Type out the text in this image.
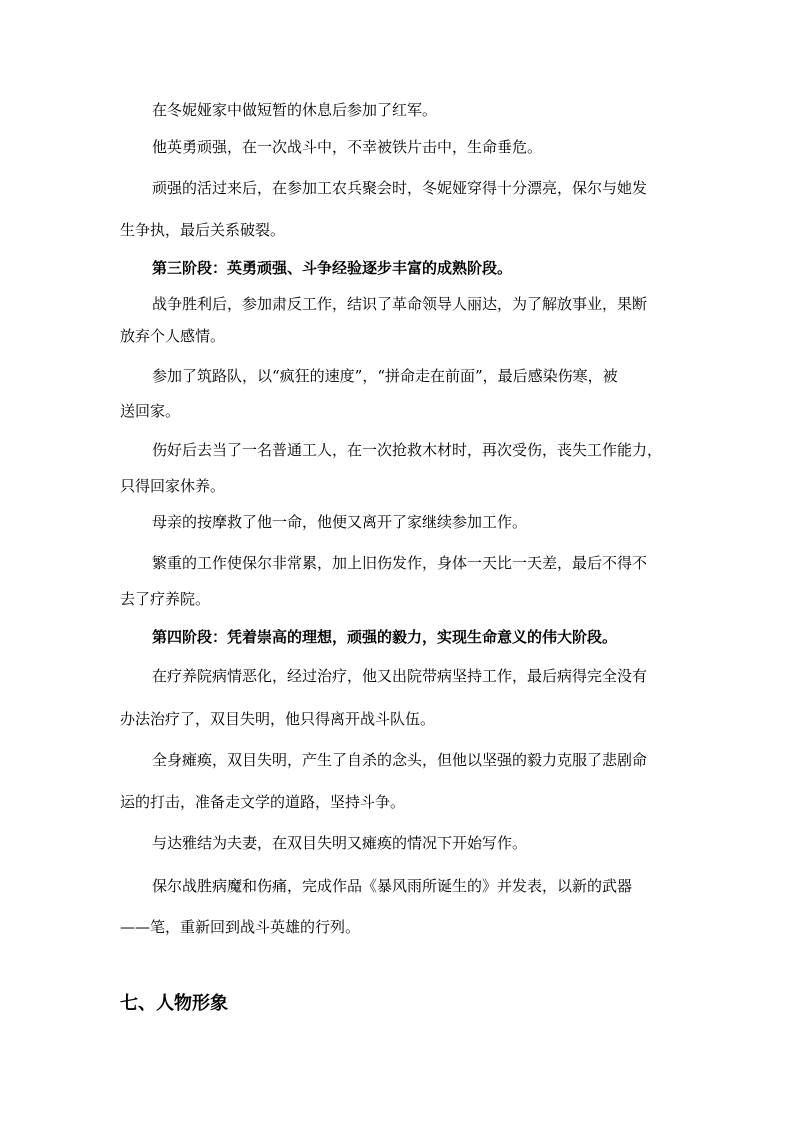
在冬妮娅家中做短暂的休息后参加了红军。
他英勇顽强，在一次战斗中，不幸被铁片击中，生命垂危。
顽强的活过来后，在参加工农兵聚会时，冬妮娅穿得十分漂亮，保尔与她发
生争执，最后关系破裂。
第三阶段：英勇顽强、斗争经验逐步丰富的成熟阶段。
战争胜利后，参加肃反工作，结识了革命领导人丽达，为了解放事业，果断
放弃个人感情。
参加了筑路队，以“疯狂的速度”，“拼命走在前面”，最后感染伤寒，被
送回家。
伤好后去当了一名普通工人，在一次抢救木材时，再次受伤，丧失工作能力，
只得回家休养。
母亲的按摩救了他一命，他便又离开了家继续参加工作。
繁重的工作使保尔非常累，加上旧伤发作，身体一天比一天差，最后不得不
去了疗养院。
第四阶段：凭着崇高的理想，顽强的毅力，实现生命意义的伟大阶段。
在疗养院病情恶化，经过治疗，他又出院带病坚持工作，最后病得完全没有
办法治疗了，双目失明，他只得离开战斗队伍。
全身瘫痪，双目失明，产生了自杀的念头，但他以坚强的毅力克服了悲剧命
运的打击，准备走文学的道路，坚持斗争。
与达雅结为夫妻，在双目失明又瘫痪的情况下开始写作。
保尔战胜病魔和伤痛，完成作品《暴风雨所诞生的》并发表，以新的武器
——笔，重新回到战斗英雄的行列。
七、人物形象
